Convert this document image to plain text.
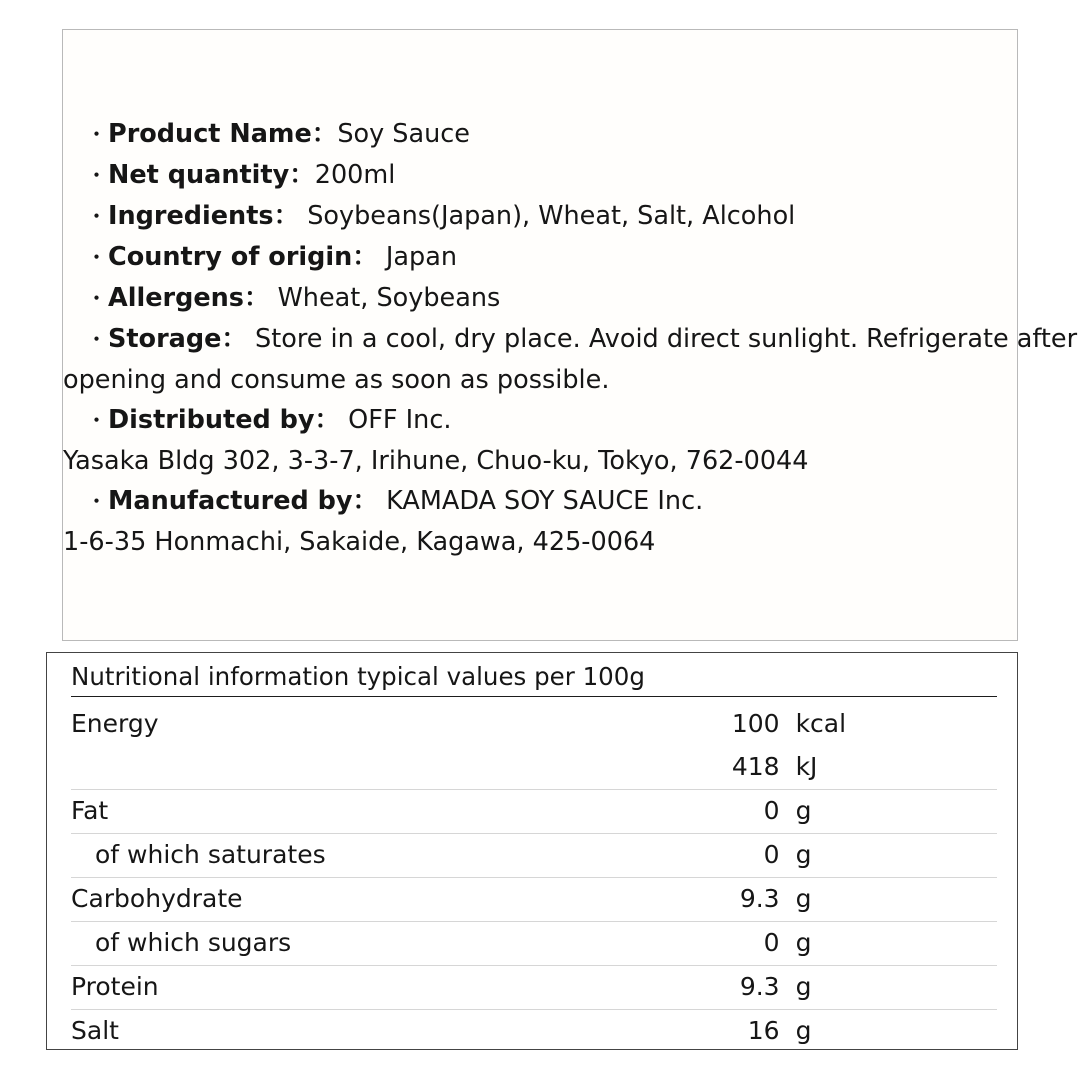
・Product Name：Soy Sauce
・Net quantity：200ml
・Ingredients： Soybeans(Japan), Wheat, Salt, Alcohol
・Country of origin： Japan
・Allergens： Wheat, Soybeans
・Storage： Store in a cool, dry place. Avoid direct sunlight. Refrigerate after
opening and consume as soon as possible.
・Distributed by： OFF Inc.
Yasaka Bldg 302, 3-3-7, Irihune, Chuo-ku, Tokyo, 762-0044
・Manufactured by： KAMADA SOY SAUCE Inc.
1-6-35 Honmachi, Sakaide, Kagawa, 425-0064
Nutritional information typical values per 100g
Energy	100	kcal
	418	kJ
Fat	0	g
of which saturates	0	g
Carbohydrate	9.3	g
of which sugars	0	g
Protein	9.3	g
Salt	16	g
